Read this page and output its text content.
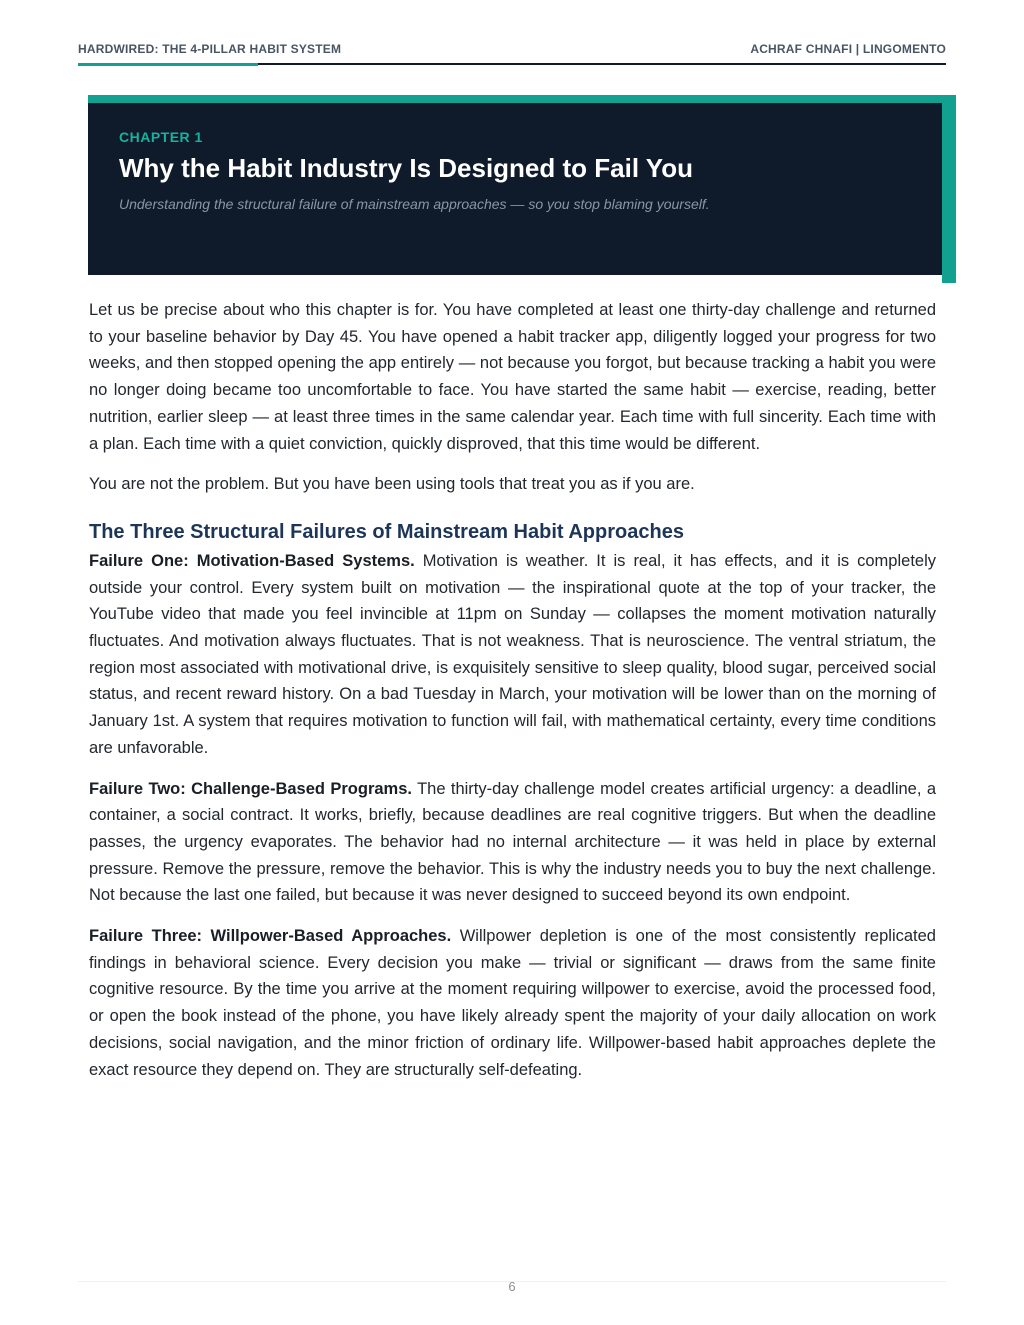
HARDWIRED: THE 4-PILLAR HABIT SYSTEM	ACHRAF CHNAFI | LINGOMENTO
CHAPTER 1
Why the Habit Industry Is Designed to Fail You
Understanding the structural failure of mainstream approaches — so you stop blaming yourself.

Let us be precise about who this chapter is for. You have completed at least one thirty-day challenge and returned to your baseline behavior by Day 45. You have opened a habit tracker app, diligently logged your progress for two weeks, and then stopped opening the app entirely — not because you forgot, but because tracking a habit you were no longer doing became too uncomfortable to face. You have started the same habit — exercise, reading, better nutrition, earlier sleep — at least three times in the same calendar year. Each time with full sincerity. Each time with a plan. Each time with a quiet conviction, quickly disproved, that this time would be different.

You are not the problem. But you have been using tools that treat you as if you are.

The Three Structural Failures of Mainstream Habit Approaches

Failure One: Motivation-Based Systems. Motivation is weather. It is real, it has effects, and it is completely outside your control. Every system built on motivation — the inspirational quote at the top of your tracker, the YouTube video that made you feel invincible at 11pm on Sunday — collapses the moment motivation naturally fluctuates. And motivation always fluctuates. That is not weakness. That is neuroscience. The ventral striatum, the region most associated with motivational drive, is exquisitely sensitive to sleep quality, blood sugar, perceived social status, and recent reward history. On a bad Tuesday in March, your motivation will be lower than on the morning of January 1st. A system that requires motivation to function will fail, with mathematical certainty, every time conditions are unfavorable.

Failure Two: Challenge-Based Programs. The thirty-day challenge model creates artificial urgency: a deadline, a container, a social contract. It works, briefly, because deadlines are real cognitive triggers. But when the deadline passes, the urgency evaporates. The behavior had no internal architecture — it was held in place by external pressure. Remove the pressure, remove the behavior. This is why the industry needs you to buy the next challenge. Not because the last one failed, but because it was never designed to succeed beyond its own endpoint.

Failure Three: Willpower-Based Approaches. Willpower depletion is one of the most consistently replicated findings in behavioral science. Every decision you make — trivial or significant — draws from the same finite cognitive resource. By the time you arrive at the moment requiring willpower to exercise, avoid the processed food, or open the book instead of the phone, you have likely already spent the majority of your daily allocation on work decisions, social navigation, and the minor friction of ordinary life. Willpower-based habit approaches deplete the exact resource they depend on. They are structurally self-defeating.

6
